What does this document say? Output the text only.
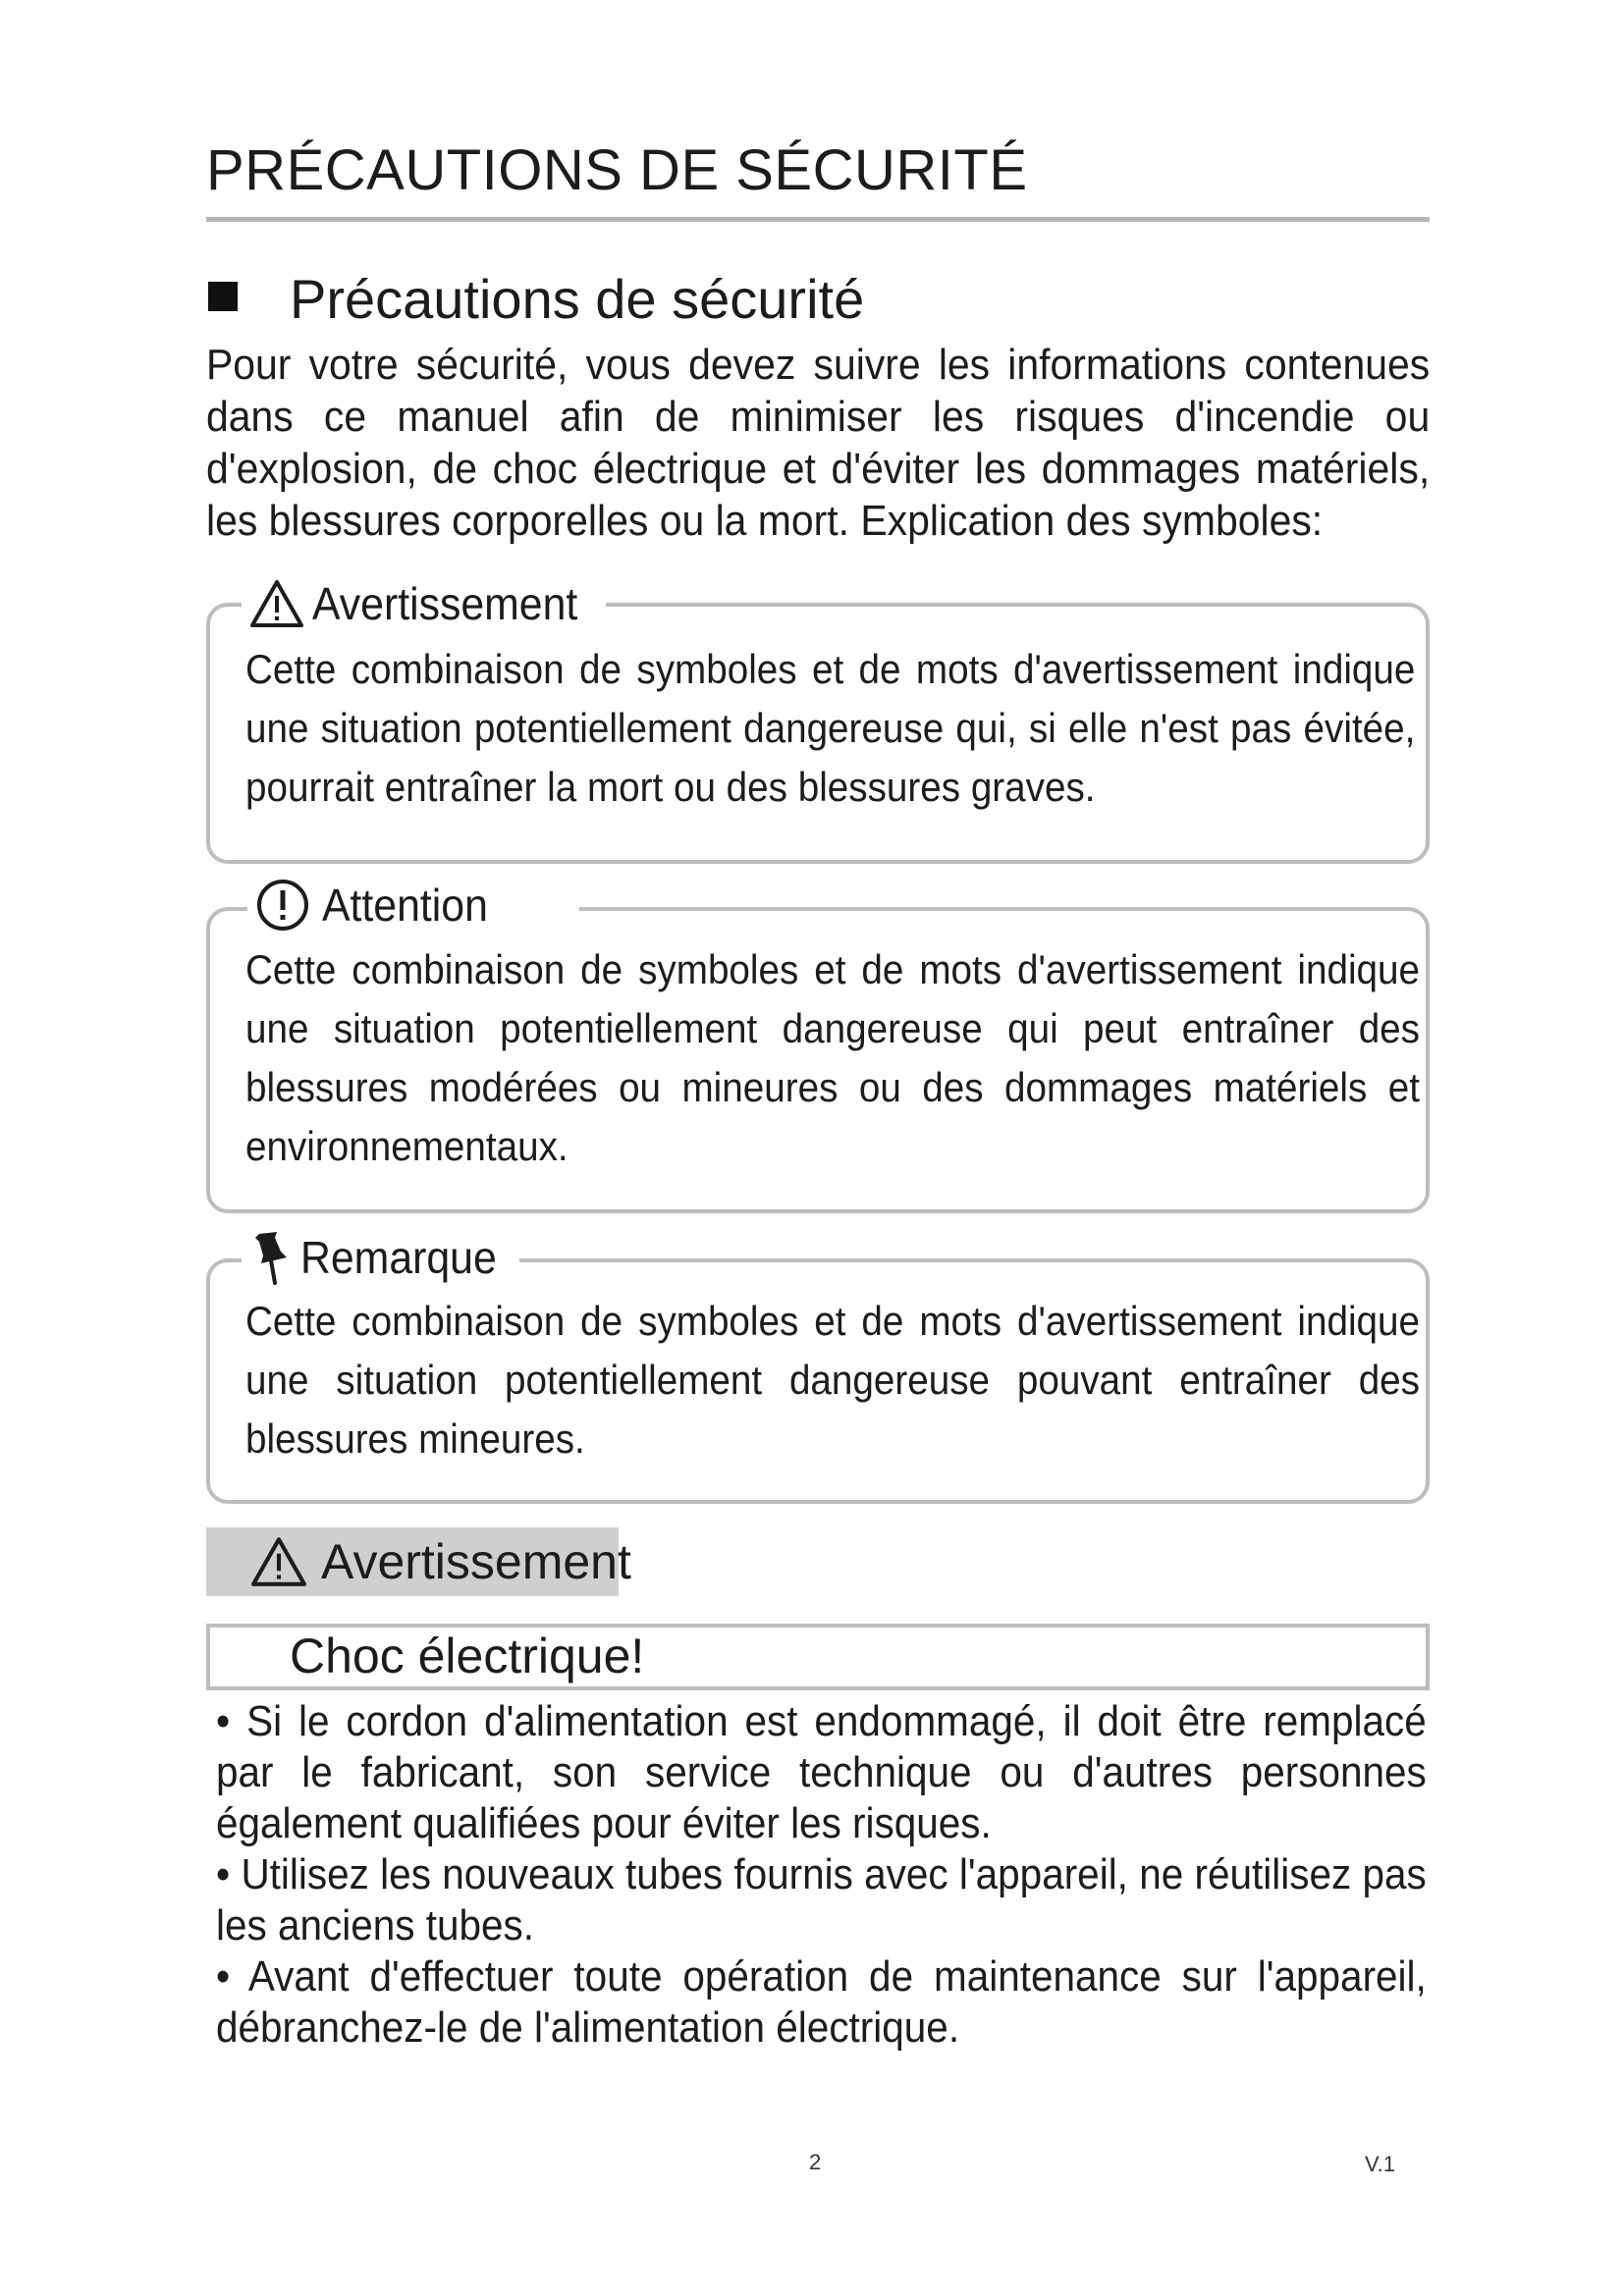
PRÉCAUTIONS DE SÉCURITÉ
Précautions de sécurité
Pour votre sécurité, vous devez suivre les informations contenues dans ce manuel afin de minimiser les risques d'incendie ou d'explosion, de choc électrique et d'éviter les dommages matériels, les blessures corporelles ou la mort. Explication des symboles:
Avertissement
Cette combinaison de symboles et de mots d'avertissement indique une situation potentiellement dangereuse qui, si elle n'est pas évitée, pourrait entraîner la mort ou des blessures graves.
Attention
Cette combinaison de symboles et de mots d'avertissement indique une situation potentiellement dangereuse qui peut entraîner des blessures modérées ou mineures ou des dommages matériels et environnementaux.
Remarque
Cette combinaison de symboles et de mots d'avertissement indique une situation potentiellement dangereuse pouvant entraîner des blessures mineures.
Avertissement
Choc électrique!

• Si le cordon d'alimentation est endommagé, il doit être remplacé par le fabricant, son service technique ou d'autres personnes également qualifiées pour éviter les risques.

• Utilisez les nouveaux tubes fournis avec l'appareil, ne réutilisez pas les anciens tubes.

• Avant d'effectuer toute opération de maintenance sur l'appareil, débranchez-le de l'alimentation électrique.

2	V.1
